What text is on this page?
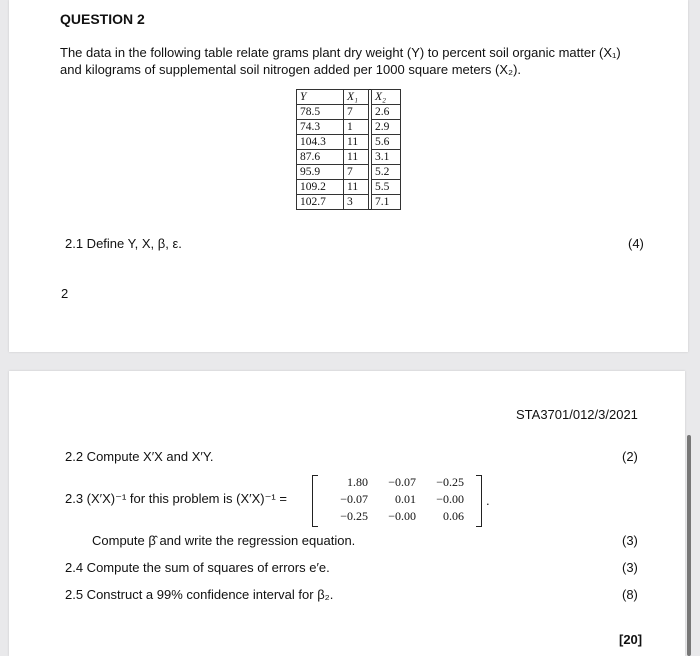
QUESTION 2
The data in the following table relate grams plant dry weight (Y) to percent soil organic matter (X₁)
and kilograms of supplemental soil nitrogen added per 1000 square meters (X₂).
Y	X₁		X₂
78.5	7		2.6
74.3	1		2.9
104.3	11		5.6
87.6	11		3.1
95.9	7		5.2
109.2	11		5.5
102.7	3		7.1
2.1 Define Y, X, β, ε.	(4)
2
STA3701/012/3/2021
2.2 Compute X′X and X′Y.	(2)
2.3 (X′X)⁻¹ for this problem is (X′X)⁻¹ =
1.80	−0.07	−0.25
−0.07	0.01	−0.00
−0.25	−0.00	0.06
.
Compute β̂ and write the regression equation.	(3)
2.4 Compute the sum of squares of errors e′e.	(3)
2.5 Construct a 99% confidence interval for β₂.	(8)
[20]
